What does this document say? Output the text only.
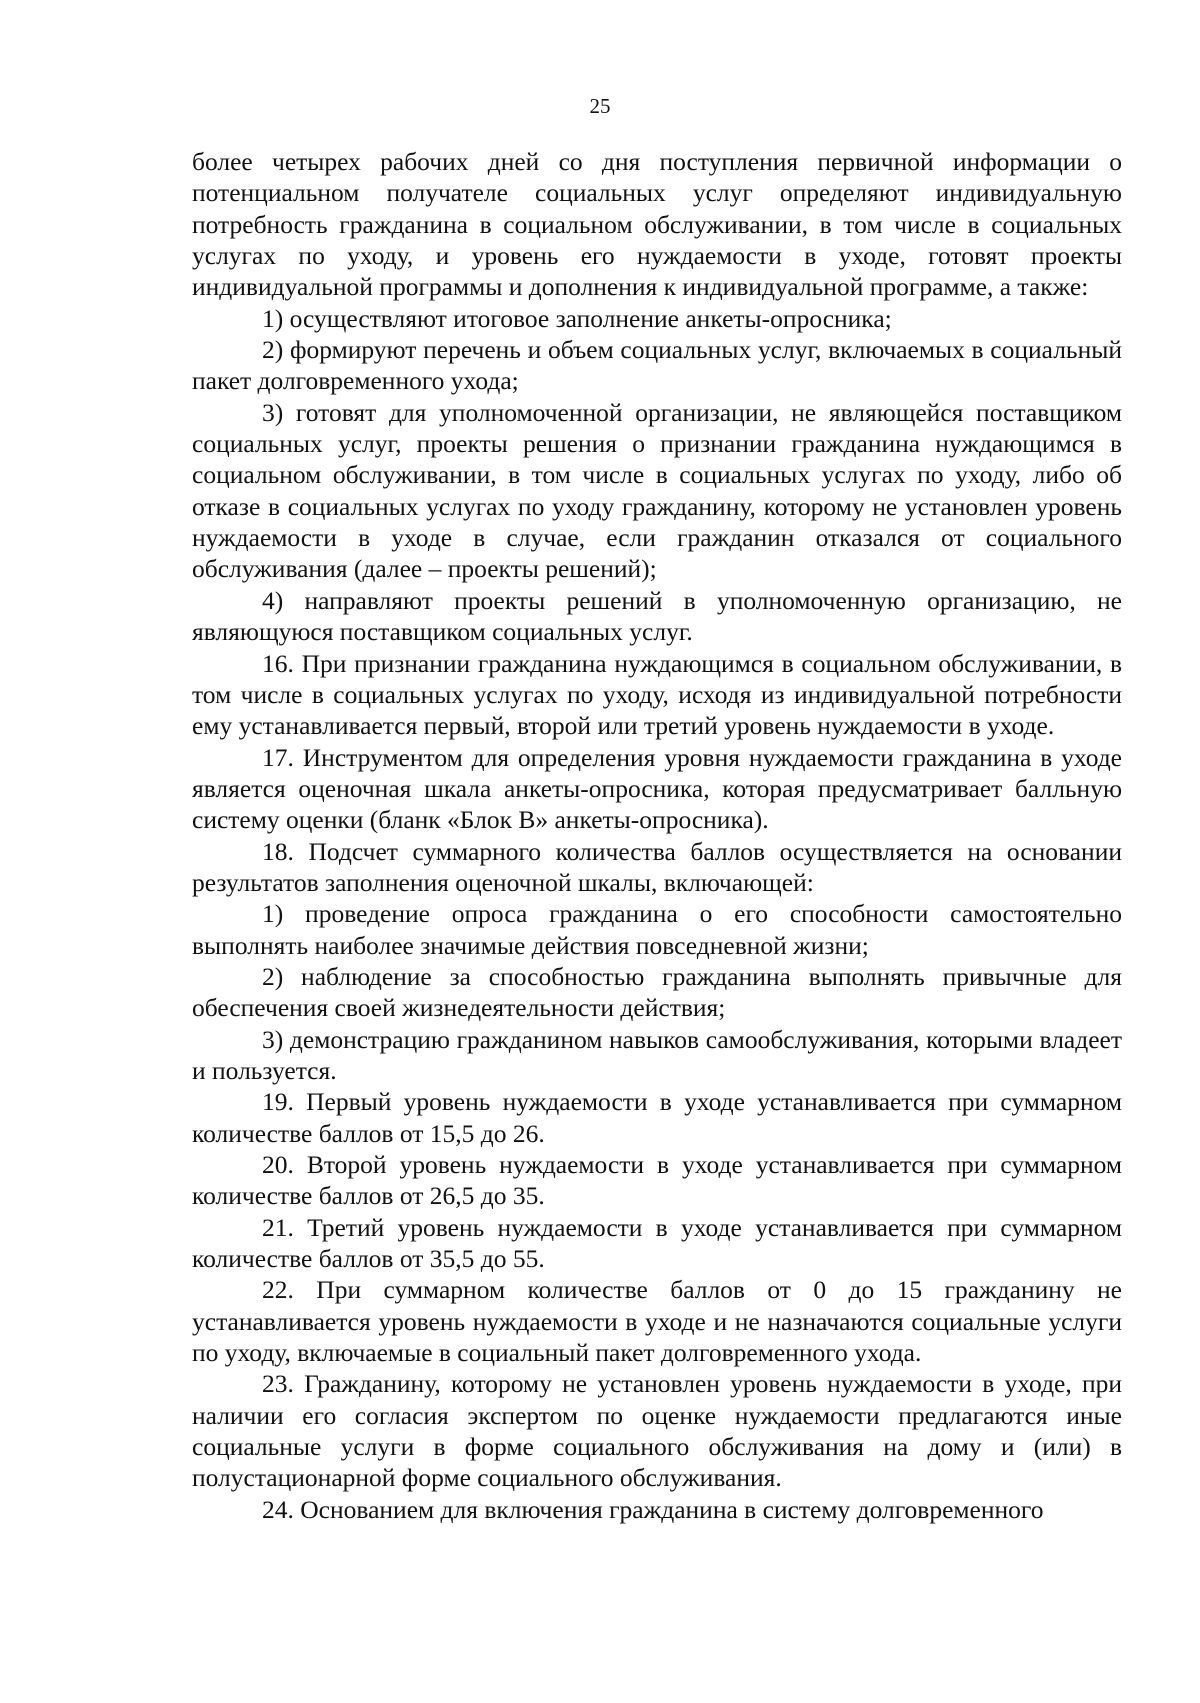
25

более четырех рабочих дней со дня поступления первичной информации о потенциальном получателе социальных услуг определяют индивидуальную потребность гражданина в социальном обслуживании, в том числе в социальных услугах по уходу, и уровень его нуждаемости в уходе, готовят проекты индивидуальной программы и дополнения к индивидуальной программе, а также:

1) осуществляют итоговое заполнение анкеты-опросника;

2) формируют перечень и объем социальных услуг, включаемых в социальный пакет долговременного ухода;

3) готовят для уполномоченной организации, не являющейся поставщиком социальных услуг, проекты решения о признании гражданина нуждающимся в социальном обслуживании, в том числе в социальных услугах по уходу, либо об отказе в социальных услугах по уходу гражданину, которому не установлен уровень нуждаемости в уходе в случае, если гражданин отказался от социального обслуживания (далее – проекты решений);

4) направляют проекты решений в уполномоченную организацию, не являющуюся поставщиком социальных услуг.

16. При признании гражданина нуждающимся в социальном обслуживании, в том числе в социальных услугах по уходу, исходя из индивидуальной потребности ему устанавливается первый, второй или третий уровень нуждаемости в уходе.

17. Инструментом для определения уровня нуждаемости гражданина в уходе является оценочная шкала анкеты-опросника, которая предусматривает балльную систему оценки (бланк «Блок В» анкеты-опросника).

18. Подсчет суммарного количества баллов осуществляется на основании результатов заполнения оценочной шкалы, включающей:

1) проведение опроса гражданина о его способности самостоятельно выполнять наиболее значимые действия повседневной жизни;

2) наблюдение за способностью гражданина выполнять привычные для обеспечения своей жизнедеятельности действия;

3) демонстрацию гражданином навыков самообслуживания, которыми владеет и пользуется.

19. Первый уровень нуждаемости в уходе устанавливается при суммарном количестве баллов от 15,5 до 26.

20. Второй уровень нуждаемости в уходе устанавливается при суммарном количестве баллов от 26,5 до 35.

21. Третий уровень нуждаемости в уходе устанавливается при суммарном количестве баллов от 35,5 до 55.

22. При суммарном количестве баллов от 0 до 15 гражданину не устанавливается уровень нуждаемости в уходе и не назначаются социальные услуги по уходу, включаемые в социальный пакет долговременного ухода.

23. Гражданину, которому не установлен уровень нуждаемости в уходе, при наличии его согласия экспертом по оценке нуждаемости предлагаются иные социальные услуги в форме социального обслуживания на дому и (или) в полустационарной форме социального обслуживания.

24. Основанием для включения гражданина в систему долговременного
